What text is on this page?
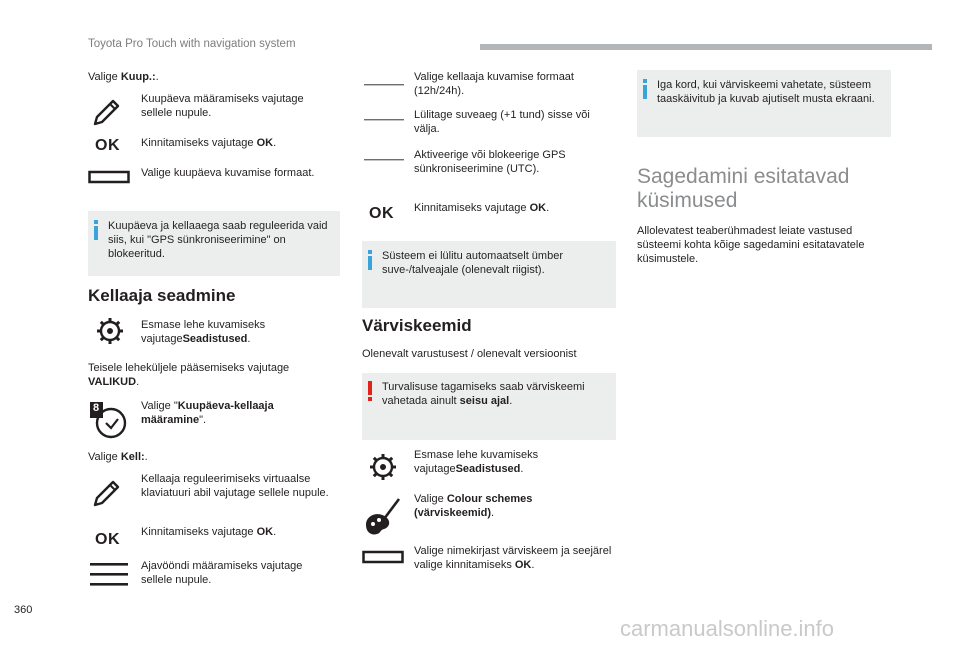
Toyota Pro Touch with navigation system
Valige Kuup.:.
Kuupäeva määramiseks vajutage sellele nupule.
OK Kinnitamiseks vajutage OK.
Valige kuupäeva kuvamise formaat.
Kuupäeva ja kellaaega saab reguleerida vaid siis, kui "GPS sünkroniseerimine" on blokeeritud.
Kellaaja seadmine
Esmase lehe kuvamiseks vajutageSeadistused.
Teisele leheküljele pääsemiseks vajutage VALIKUD.
8	Valige "Kuupäeva-kellaaja määramine".
Valige Kell:.
Kellaaja reguleerimiseks virtuaalse klaviatuuri abil vajutage sellele nupule.
OK Kinnitamiseks vajutage OK.
Ajavööndi määramiseks vajutage sellele nupule.
Valige kellaaja kuvamise formaat (12h/24h).
Lülitage suveaeg (+1 tund) sisse või välja.
Aktiveerige või blokeerige GPS sünkroniseerimine (UTC).
OK Kinnitamiseks vajutage OK.
Süsteem ei lülitu automaatselt ümber suve-/talveajale (olenevalt riigist).
Värviskeemid
Olenevalt varustusest / olenevalt versioonist
Turvalisuse tagamiseks saab värviskeemi vahetada ainult seisu ajal.
Esmase lehe kuvamiseks vajutageSeadistused.
Valige Colour schemes (värviskeemid).
Valige nimekirjast värviskeem ja seejärel valige kinnitamiseks OK.
Iga kord, kui värviskeemi vahetate, süsteem taaskäivitub ja kuvab ajutiselt musta ekraani.
Sagedamini esitatavad küsimused
Allolevatest teaberühmadest leiate vastused süsteemi kohta kõige sagedamini esitatavatele küsimustele.
360
carmanualsonline.info
